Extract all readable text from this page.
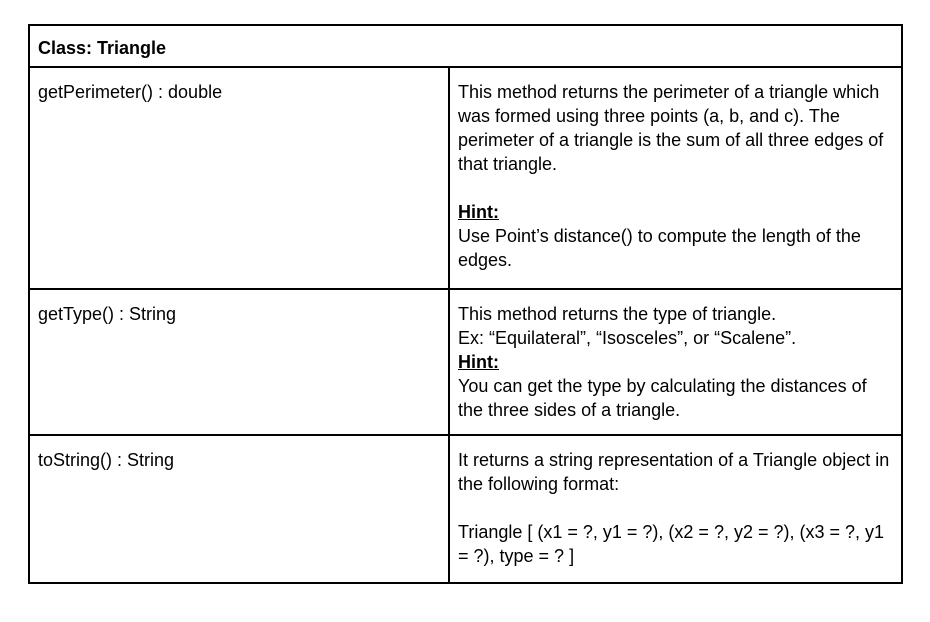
Class: Triangle	
getPerimeter() : double	This method returns the perimeter of a triangle which was formed using three points (a, b, and c). The perimeter of a triangle is the sum of all three edges of that triangle.
Hint:
Use Point’s distance() to compute the length of the edges.

getType() : String	This method returns the type of triangle.
Ex: “Equilateral”, “Isosceles”, or “Scalene”.
Hint:
You can get the type by calculating the distances of the three sides of a triangle.

toString() : String	It returns a string representation of a Triangle object in the following format:
Triangle [ (x1 = ?, y1 = ?), (x2 = ?, y2 = ?), (x3 = ?, y1 = ?), type = ? ]
